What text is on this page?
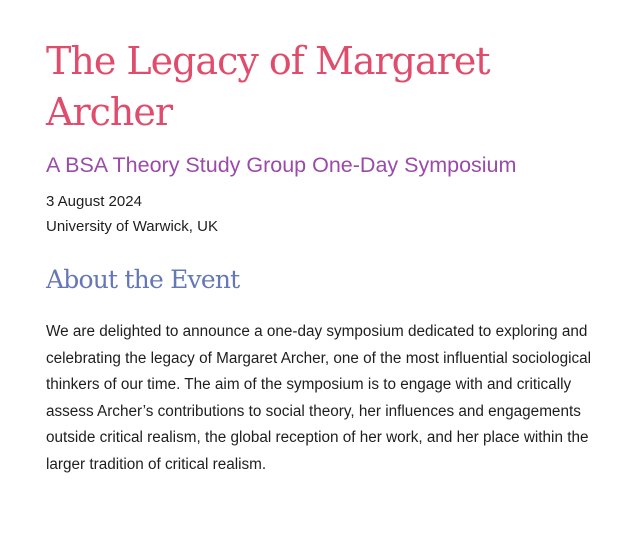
The Legacy of Margaret Archer
A BSA Theory Study Group One-Day Symposium
3 August 2024
University of Warwick, UK
About the Event

We are delighted to announce a one-day symposium dedicated to exploring and celebrating the legacy of Margaret Archer, one of the most influential sociological thinkers of our time. The aim of the symposium is to engage with and critically assess Archer’s contributions to social theory, her influences and engagements outside critical realism, the global reception of her work, and her place within the larger tradition of critical realism.
